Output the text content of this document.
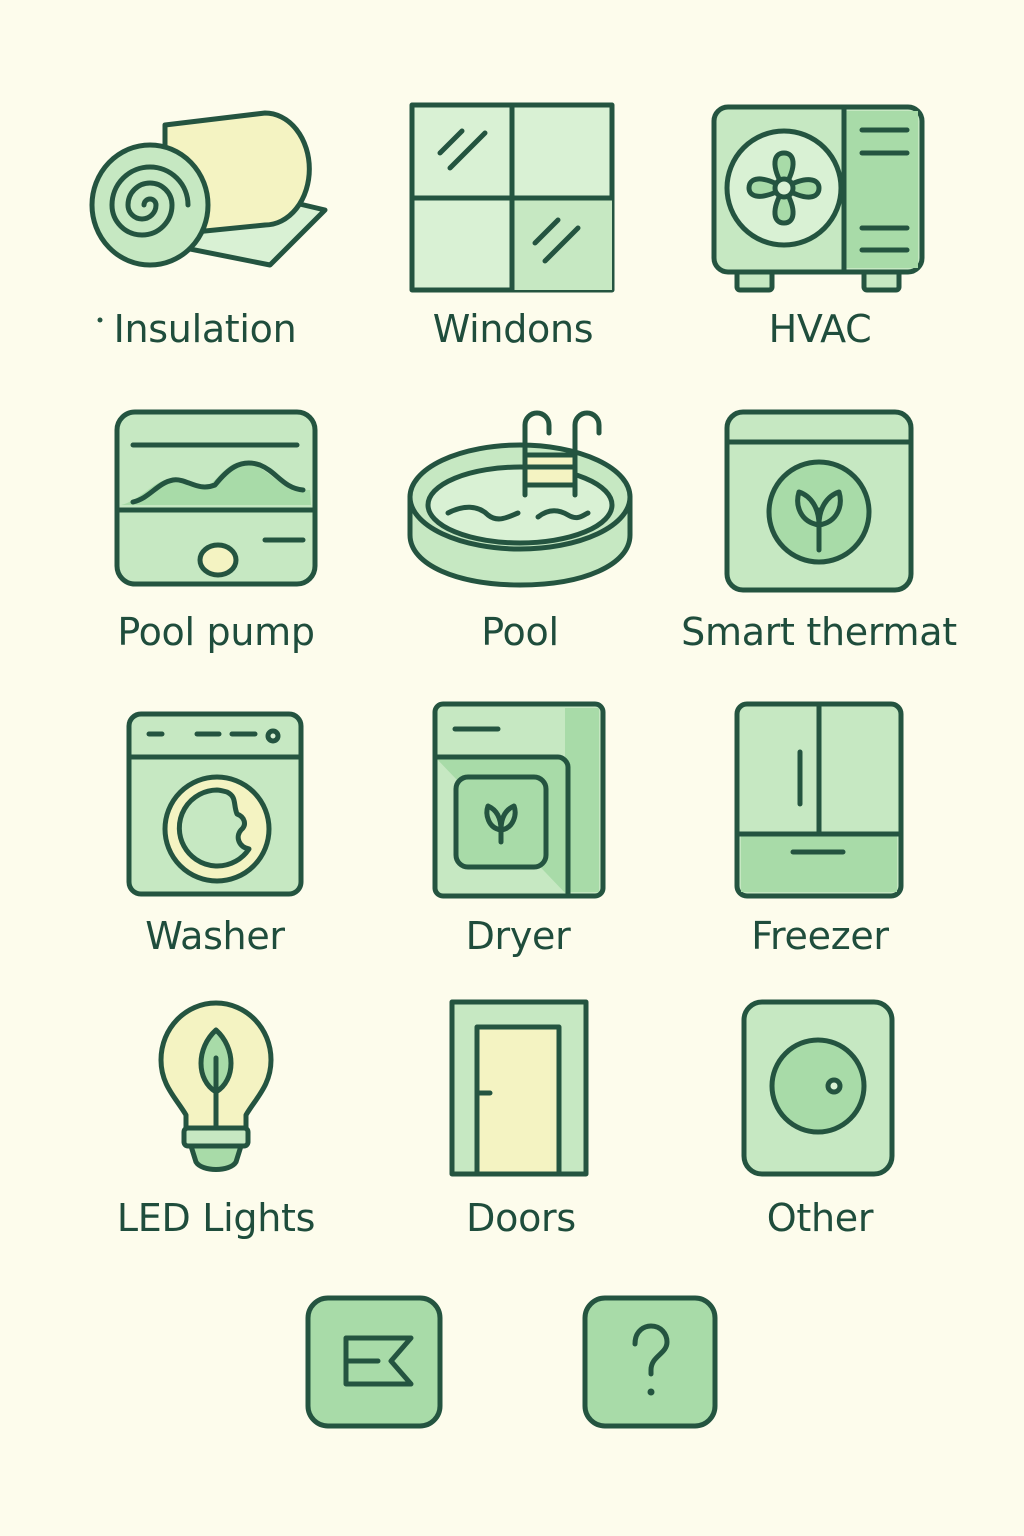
Insulation	Windons	HVAC
Pool pump	Pool	Smart thermat
Washer	Dryer	Freezer
LED Lights	Doors	Other
